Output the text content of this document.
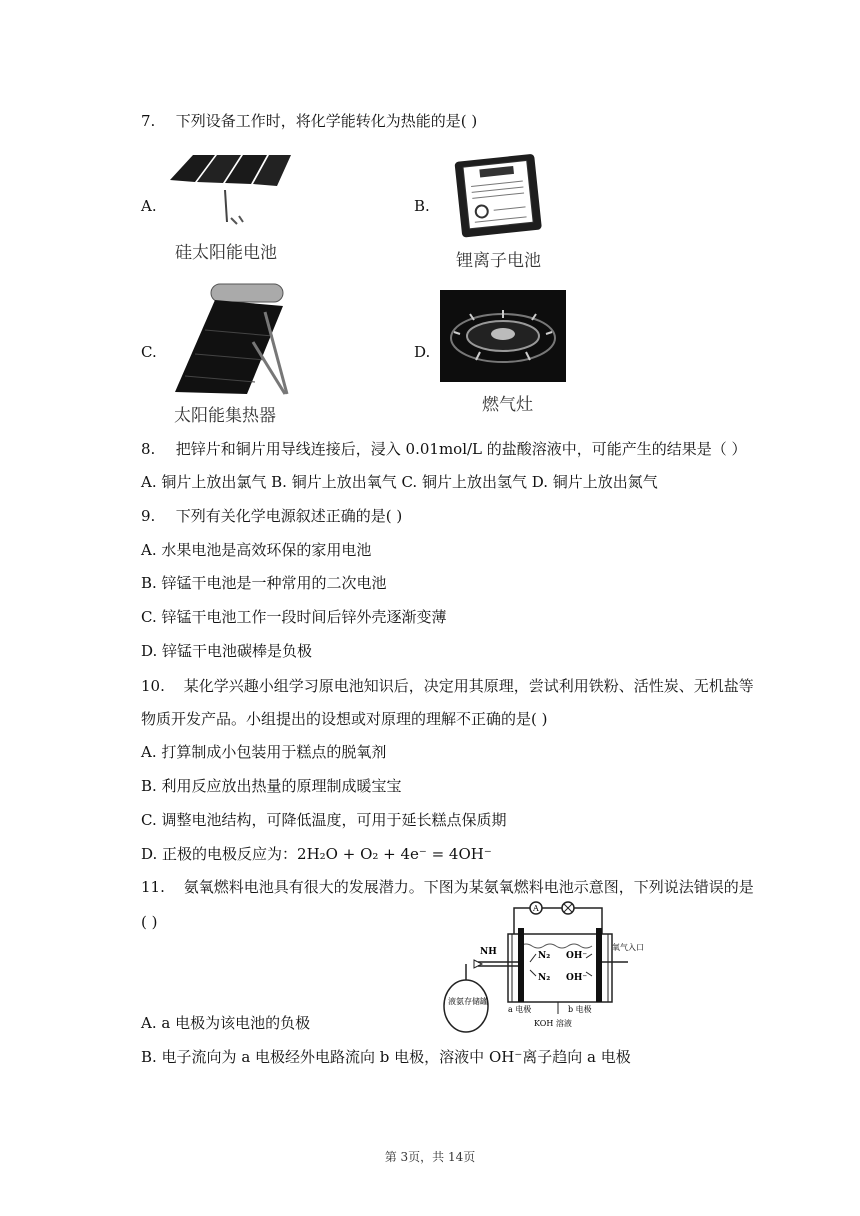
7. 下列设备工作时，将化学能转化为热能的是( )
A.
硅太阳能电池
B.
锂离子电池
C.
太阳能集热器
D.
燃气灶
8. 把锌片和铜片用导线连接后，浸入 0.01mol/L 的盐酸溶液中，可能产生的结果是（ ）
A. 铜片上放出氯气 B. 铜片上放出氧气 C. 铜片上放出氢气 D. 铜片上放出氮气
9. 下列有关化学电源叙述正确的是( )
A. 水果电池是高效环保的家用电池
B. 锌锰干电池是一种常用的二次电池
C. 锌锰干电池工作一段时间后锌外壳逐渐变薄
D. 锌锰干电池碳棒是负极
10. 某化学兴趣小组学习原电池知识后，决定用其原理，尝试利用铁粉、活性炭、无机盐等
物质开发产品。小组提出的设想或对原理的理解不正确的是( )
A. 打算制成小包装用于糕点的脱氧剂
B. 利用反应放出热量的原理制成暖宝宝
C. 调整电池结构，可降低温度，可用于延长糕点保质期
D. 正极的电极反应为：2H₂O + O₂ + 4e⁻ = 4OH⁻
11. 氨氧燃料电池具有很大的发展潜力。下图为某氨氧燃料电池示意图，下列说法错误的是
( )
A
N₂ OH⁻
N₂ OH⁻
NH	氧气入口
液氨存储罐
a 电极	b 电极
KOH 溶液
A. a 电极为该电池的负极
B. 电子流向为 a 电极经外电路流向 b 电极，溶液中 OH⁻离子趋向 a 电极
第 3页，共 14页
